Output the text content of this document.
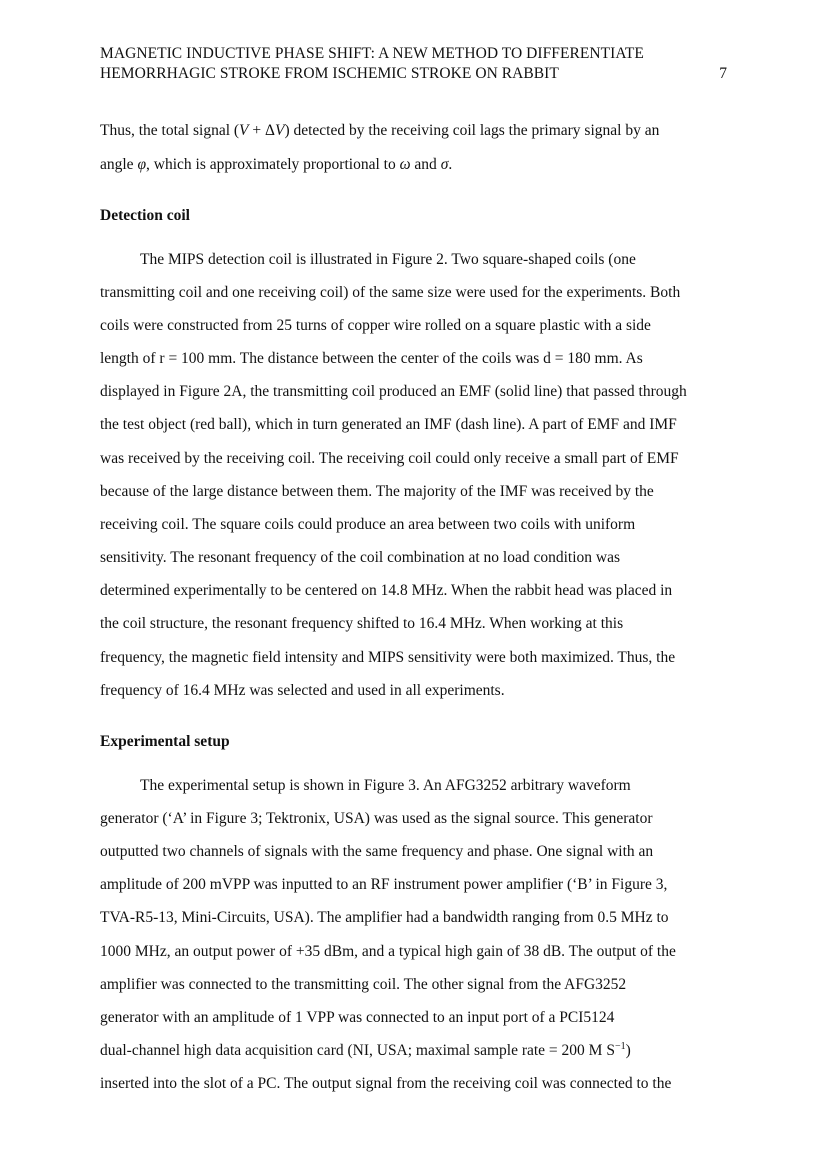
MAGNETIC INDUCTIVE PHASE SHIFT: A NEW METHOD TO DIFFERENTIATE
HEMORRHAGIC STROKE FROM ISCHEMIC STROKE ON RABBIT	7
Thus, the total signal (V + ΔV) detected by the receiving coil lags the primary signal by an
angle φ, which is approximately proportional to ω and σ.
Detection coil
The MIPS detection coil is illustrated in Figure 2. Two square-shaped coils (one
transmitting coil and one receiving coil) of the same size were used for the experiments. Both
coils were constructed from 25 turns of copper wire rolled on a square plastic with a side
length of r = 100 mm. The distance between the center of the coils was d = 180 mm. As
displayed in Figure 2A, the transmitting coil produced an EMF (solid line) that passed through
the test object (red ball), which in turn generated an IMF (dash line). A part of EMF and IMF
was received by the receiving coil. The receiving coil could only receive a small part of EMF
because of the large distance between them. The majority of the IMF was received by the
receiving coil. The square coils could produce an area between two coils with uniform
sensitivity. The resonant frequency of the coil combination at no load condition was
determined experimentally to be centered on 14.8 MHz. When the rabbit head was placed in
the coil structure, the resonant frequency shifted to 16.4 MHz. When working at this
frequency, the magnetic field intensity and MIPS sensitivity were both maximized. Thus, the
frequency of 16.4 MHz was selected and used in all experiments.
Experimental setup
The experimental setup is shown in Figure 3. An AFG3252 arbitrary waveform
generator (‘A’ in Figure 3; Tektronix, USA) was used as the signal source. This generator
outputted two channels of signals with the same frequency and phase. One signal with an
amplitude of 200 mVPP was inputted to an RF instrument power amplifier (‘B’ in Figure 3,
TVA-R5-13, Mini-Circuits, USA). The amplifier had a bandwidth ranging from 0.5 MHz to
1000 MHz, an output power of +35 dBm, and a typical high gain of 38 dB. The output of the
amplifier was connected to the transmitting coil. The other signal from the AFG3252
generator with an amplitude of 1 VPP was connected to an input port of a PCI5124
dual-channel high data acquisition card (NI, USA; maximal sample rate = 200 M $S^{-1}$)
inserted into the slot of a PC. The output signal from the receiving coil was connected to the
